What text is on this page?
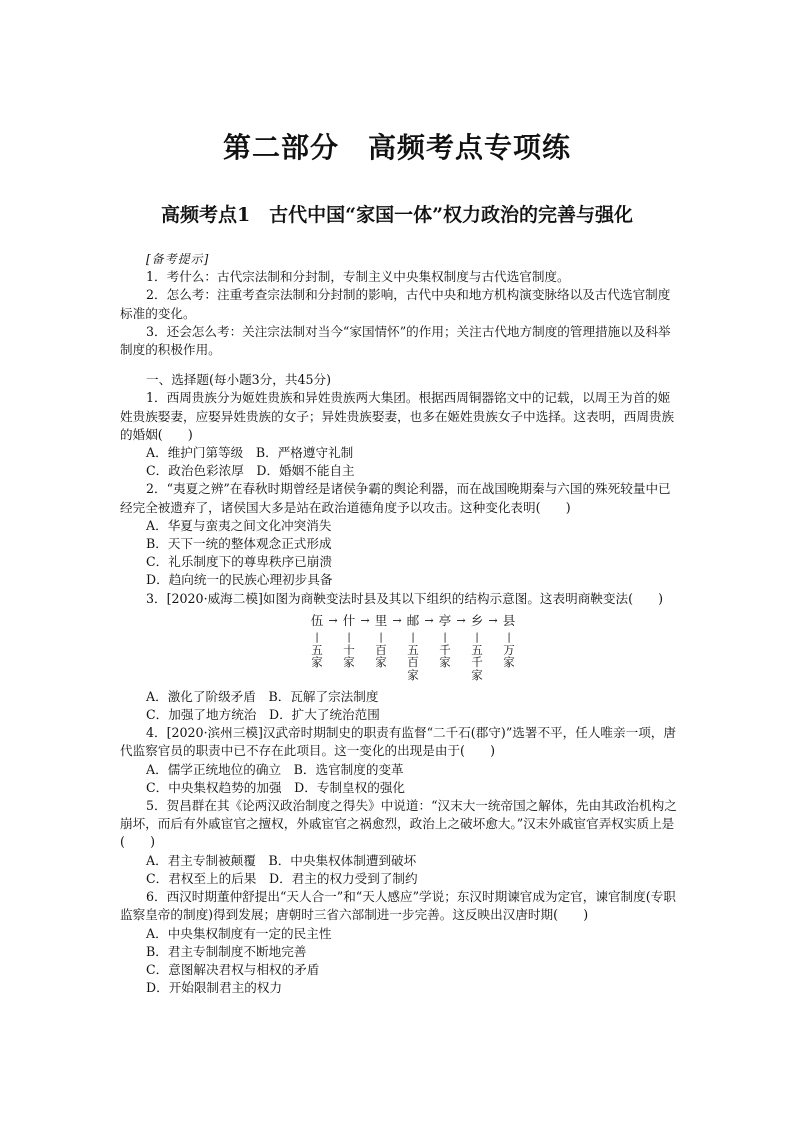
第二部分　高频考点专项练
高频考点1　古代中国“家国一体”权力政治的完善与强化

[备考提示]

1．考什么：古代宗法制和分封制，专制主义中央集权制度与古代选官制度。

2．怎么考：注重考查宗法制和分封制的影响，古代中央和地方机构演变脉络以及古代选官制度标准的变化。

3．还会怎么考：关注宗法制对当今“家国情怀”的作用；关注古代地方制度的管理措施以及科举制度的积极作用。

一、选择题(每小题3分，共45分)

1．西周贵族分为姬姓贵族和异姓贵族两大集团。根据西周铜器铭文中的记载，以周王为首的姬姓贵族娶妻，应娶异姓贵族的女子；异姓贵族娶妻，也多在姬姓贵族女子中选择。这表明，西周贵族的婚姻(　　)

A．维护门第等级　B．严格遵守礼制

C．政治色彩浓厚　D．婚姻不能自主

2．“夷夏之辨”在春秋时期曾经是诸侯争霸的舆论利器，而在战国晚期秦与六国的殊死较量中已经完全被遗弃了，诸侯国大多是站在政治道德角度予以攻击。这种变化表明(　　)

A．华夏与蛮夷之间文化冲突消失

B．天下一统的整体观念正式形成

C．礼乐制度下的尊卑秩序已崩溃

D．趋向统一的民族心理初步具备

3．[2020·威海二模]如图为商鞅变法时县及其以下组织的结构示意图。这表明商鞅变法(　　)

伍 → 什 → 里 → 邮 → 亭 → 乡 → 县
|
五
家
|
十
家
|
百
家
|
五
百
家
|
千
家
|
五
千
家
|
万
家

A．激化了阶级矛盾　B．瓦解了宗法制度

C．加强了地方统治　D．扩大了统治范围

4．[2020·滨州三模]汉武帝时期制史的职责有监督“二千石(郡守)”选署不平，任人唯亲一项，唐代监察官员的职责中已不存在此项目。这一变化的出现是由于(　　)

A．儒学正统地位的确立　B．选官制度的变革

C．中央集权趋势的加强　D．专制皇权的强化

5．贺昌群在其《论两汉政治制度之得失》中说道：“汉末大一统帝国之解体，先由其政治机构之崩坏，而后有外戚宦官之擅权，外戚宦官之祸愈烈，政治上之破坏愈大。”汉末外戚宦官弄权实质上是(　　)

A．君主专制被颠覆　B．中央集权体制遭到破坏

C．君权至上的后果　D．君主的权力受到了制约

6．西汉时期董仲舒提出“天人合一”和“天人感应”学说；东汉时期谏官成为定官，谏官制度(专职监察皇帝的制度)得到发展；唐朝时三省六部制进一步完善。这反映出汉唐时期(　　)

A．中央集权制度有一定的民主性

B．君主专制制度不断地完善

C．意图解决君权与相权的矛盾

D．开始限制君主的权力
